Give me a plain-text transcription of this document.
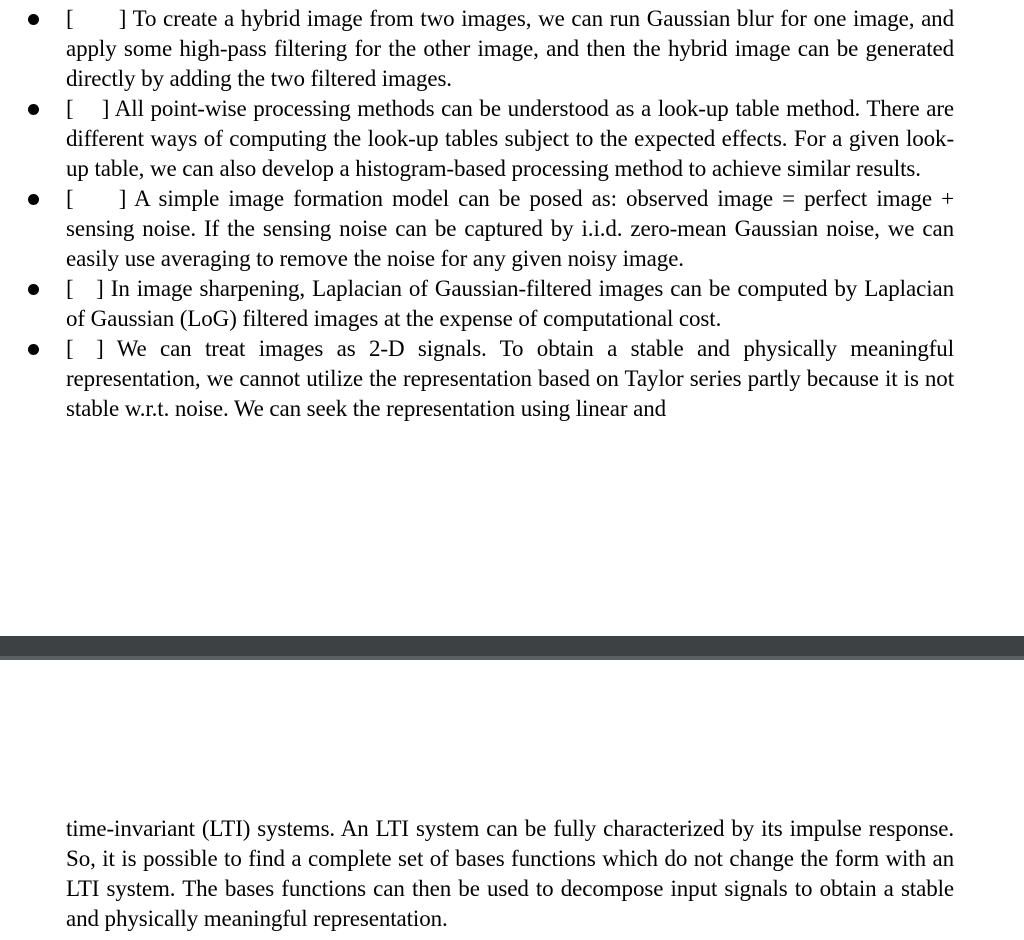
[        ] To create a hybrid image from two images, we can run Gaussian blur for one image, and apply some high-pass filtering for the other image, and then the hybrid image can be generated directly by adding the two filtered images.
[     ] All point-wise processing methods can be understood as a look-up table method. There are different ways of computing the look-up tables subject to the expected effects. For a given look-up table, we can also develop a histogram-based processing method to achieve similar results.
[        ] A simple image formation model can be posed as: observed image = perfect image + sensing noise. If the sensing noise can be captured by i.i.d. zero-mean Gaussian noise, we can easily use averaging to remove the noise for any given noisy image.
[    ] In image sharpening, Laplacian of Gaussian-filtered images can be computed by Laplacian of Gaussian (LoG) filtered images at the expense of computational cost.
[    ] We can treat images as 2-D signals. To obtain a stable and physically meaningful representation, we cannot utilize the representation based on Taylor series partly because it is not stable w.r.t. noise. We can seek the representation using linear and
time-invariant (LTI) systems. An LTI system can be fully characterized by its impulse response. So, it is possible to find a complete set of bases functions which do not change the form with an LTI system. The bases functions can then be used to decompose input signals to obtain a stable and physically meaningful representation.
